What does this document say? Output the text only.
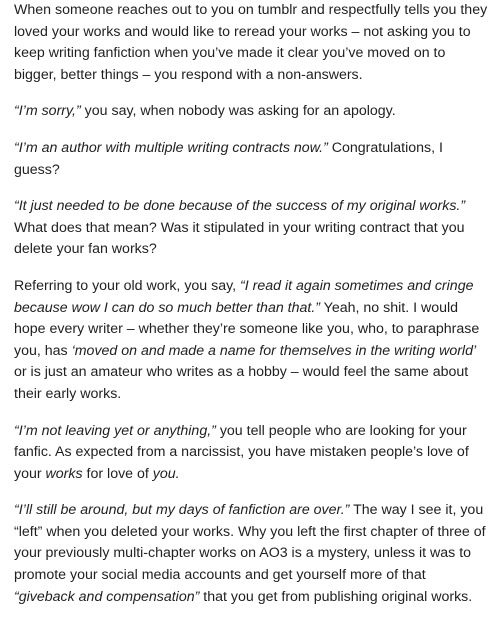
When someone reaches out to you on tumblr and respectfully tells you they loved your works and would like to reread your works – not asking you to keep writing fanfiction when you’ve made it clear you’ve moved on to bigger, better things – you respond with a non-answers.

“I’m sorry,” you say, when nobody was asking for an apology.

“I’m an author with multiple writing contracts now.” Congratulations, I guess?

“It just needed to be done because of the success of my original works.” What does that mean? Was it stipulated in your writing contract that you delete your fan works?

Referring to your old work, you say, “I read it again sometimes and cringe because wow I can do so much better than that.” Yeah, no shit. I would hope every writer – whether they’re someone like you, who, to paraphrase you, has ‘moved on and made a name for themselves in the writing world’ or is just an amateur who writes as a hobby – would feel the same about their early works.

“I’m not leaving yet or anything,” you tell people who are looking for your fanfic. As expected from a narcissist, you have mistaken people’s love of your works for love of you.

“I’ll still be around, but my days of fanfiction are over.” The way I see it, you “left” when you deleted your works. Why you left the first chapter of three of your previously multi-chapter works on AO3 is a mystery, unless it was to promote your social media accounts and get yourself more of that “giveback and compensation” that you get from publishing original works.
